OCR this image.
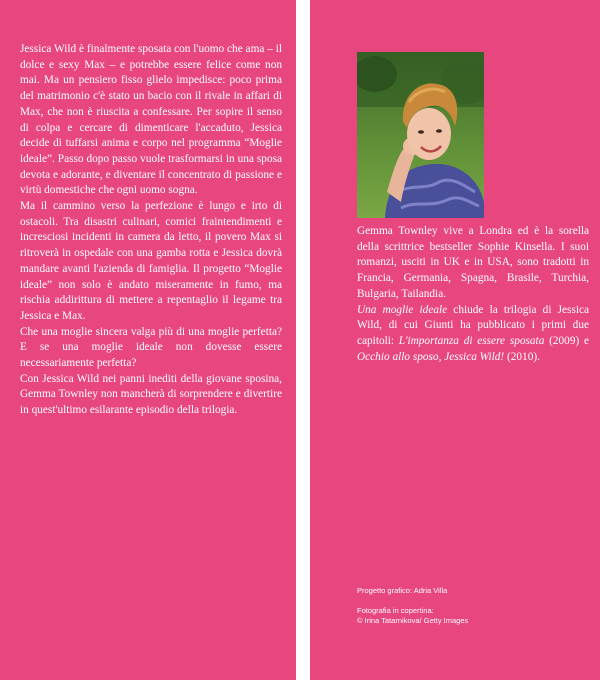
Jessica Wild è finalmente sposata con l'uomo che ama – il dolce e sexy Max – e potrebbe essere felice come non mai. Ma un pensiero fisso glielo impedisce: poco prima del matrimonio c'è stato un bacio con il rivale in affari di Max, che non è riuscita a confessare. Per sopire il senso di colpa e cercare di dimenticare l'accaduto, Jessica decide di tuffarsi anima e corpo nel programma “Moglie ideale”. Passo dopo passo vuole trasformarsi in una sposa devota e adorante, e diventare il concentrato di passione e virtù domestiche che ogni uomo sogna.

Ma il cammino verso la perfezione è lungo e irto di ostacoli. Tra disastri culinari, comici fraintendimenti e incresciosi incidenti in camera da letto, il povero Max si ritroverà in ospedale con una gamba rotta e Jessica dovrà mandare avanti l'azienda di famiglia. Il progetto “Moglie ideale” non solo è andato miseramente in fumo, ma rischia addirittura di mettere a repentaglio il legame tra Jessica e Max.

Che una moglie sincera valga più di una moglie perfetta? E se una moglie ideale non dovesse essere necessariamente perfetta?

Con Jessica Wild nei panni inediti della giovane sposina, Gemma Townley non mancherà di sorprendere e divertire in quest'ultimo esilarante episodio della trilogia.

Gemma Townley vive a Londra ed è la sorella della scrittrice bestseller Sophie Kinsella. I suoi romanzi, usciti in UK e in USA, sono tradotti in Francia, Germania, Spagna, Brasile, Turchia, Bulgaria, Tailandia.

Una moglie ideale chiude la trilogia di Jessica Wild, di cui Giunti ha pubblicato i primi due capitoli: L'importanza di essere sposata (2009) e Occhio allo sposo, Jessica Wild! (2010).

Progetto grafico: Adria Villa

Fotografia in copertina:

© Irina Tatarnikova/ Getty Images
